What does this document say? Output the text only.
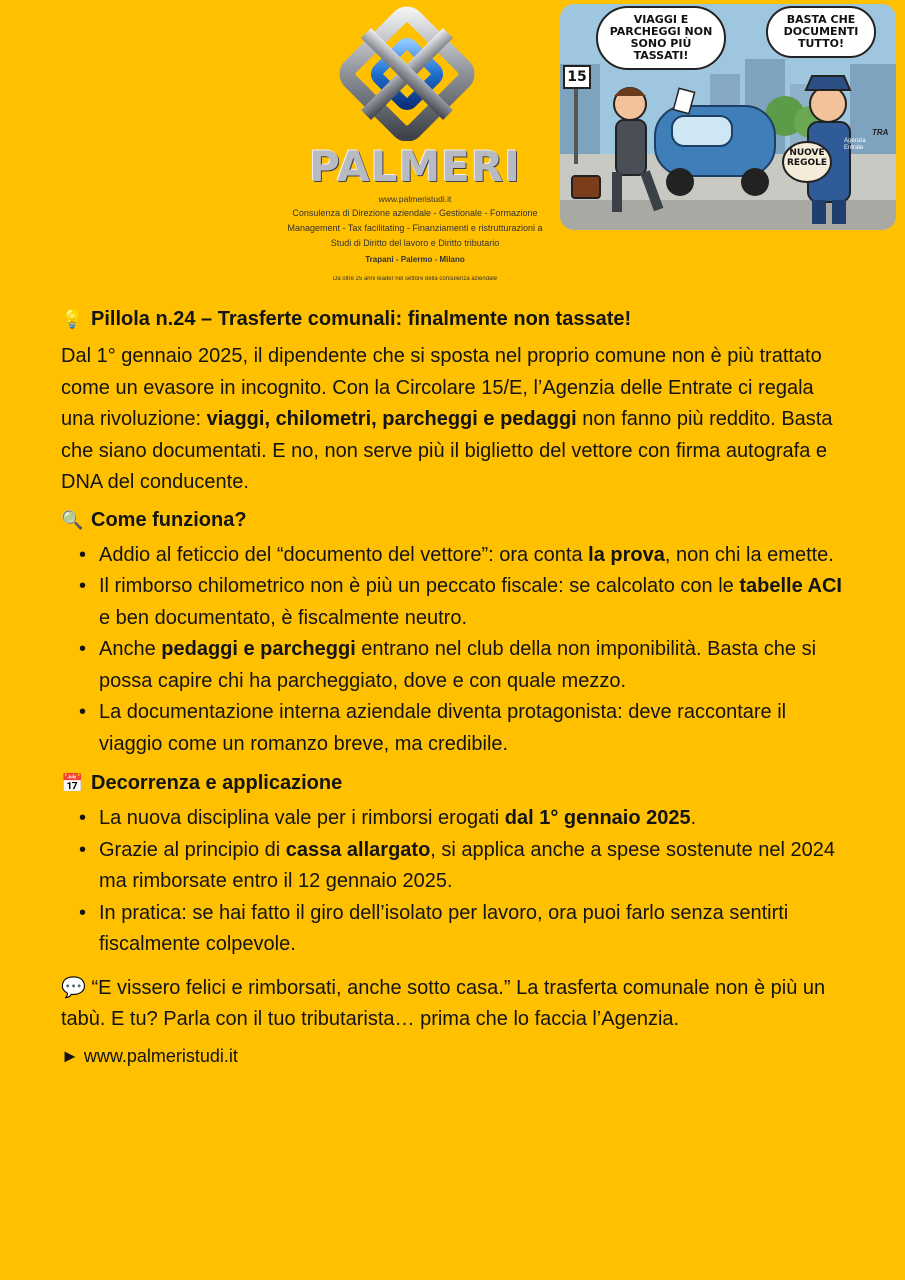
PALMERI
www.palmeristudi.it
Consulenza di Direzione aziendale - Gestionale - Formazione
Management - Tax facilitating - Finanziamenti e ristrutturazioni a
Studi di Diritto del lavoro e Diritto tributario
Trapani - Palermo - Milano
Da oltre 25 anni leader nel settore della consulenza aziendale
VIAGGI E PARCHEGGI NON SONO PIÙ TASSATI!
BASTA CHE DOCUMENTI TUTTO!
15
NUOVE REGOLE
Agenzia Entrate
TRA
💡 Pillola n.24 – Trasferte comunali: finalmente non tassate!

Dal 1° gennaio 2025, il dipendente che si sposta nel proprio comune non è più trattato come un evasore in incognito. Con la Circolare 15/E, l’Agenzia delle Entrate ci regala una rivoluzione: viaggi, chilometri, parcheggi e pedaggi non fanno più reddito. Basta che siano documentati. E no, non serve più il biglietto del vettore con firma autografa e DNA del conducente.

🔍 Come funziona?
• Addio al feticcio del “documento del vettore”: ora conta la prova, non chi la emette.
• Il rimborso chilometrico non è più un peccato fiscale: se calcolato con le tabelle ACI e ben documentato, è fiscalmente neutro.
• Anche pedaggi e parcheggi entrano nel club della non imponibilità. Basta che si possa capire chi ha parcheggiato, dove e con quale mezzo.
• La documentazione interna aziendale diventa protagonista: deve raccontare il viaggio come un romanzo breve, ma credibile.
📅 Decorrenza e applicazione
• La nuova disciplina vale per i rimborsi erogati dal 1° gennaio 2025.
• Grazie al principio di cassa allargato, si applica anche a spese sostenute nel 2024 ma rimborsate entro il 12 gennaio 2025.
• In pratica: se hai fatto il giro dell’isolato per lavoro, ora puoi farlo senza sentirti fiscalmente colpevole.

💬 “E vissero felici e rimborsati, anche sotto casa.” La trasferta comunale non è più un tabù. E tu? Parla con il tuo tributarista… prima che lo faccia l’Agenzia.

► www.palmeristudi.it
